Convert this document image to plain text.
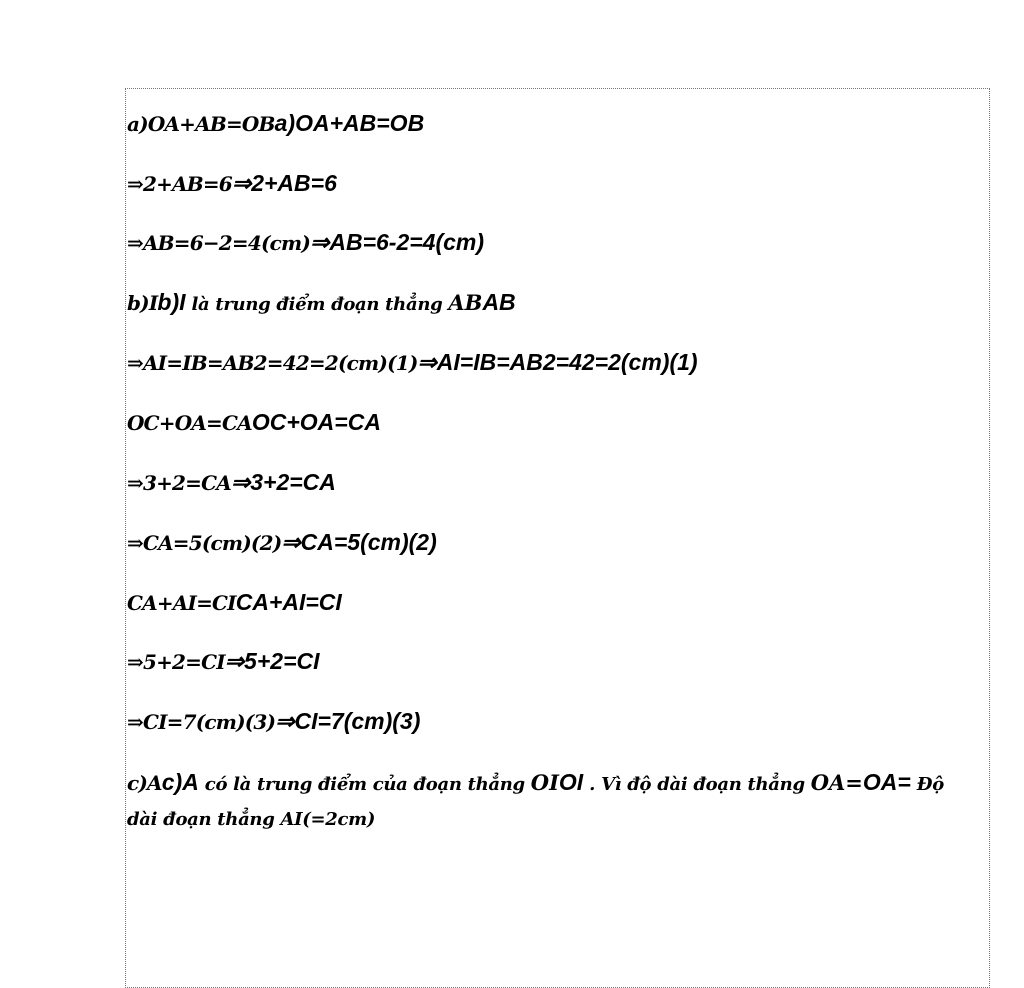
a)OA+AB=OBa)OA+AB=OB
⇒2+AB=6⇒2+AB=6
⇒AB=6−2=4(cm)⇒AB=6-2=4(cm)
b)Ib)I là trung điểm đoạn thẳng ABAB
⇒AI=IB=AB2=42=2(cm)(1)⇒AI=IB=AB2=42=2(cm)(1)
OC+OA=CAOC+OA=CA
⇒3+2=CA⇒3+2=CA
⇒CA=5(cm)(2)⇒CA=5(cm)(2)
CA+AI=CICA+AI=CI
⇒5+2=CI⇒5+2=CI
⇒CI=7(cm)(3)⇒CI=7(cm)(3)
c)Ac)A có là trung điểm của đoạn thẳng OIOI . Vì độ dài đoạn thẳng OA=OA= Độ
dài đoạn thẳng AI(=2cm)
